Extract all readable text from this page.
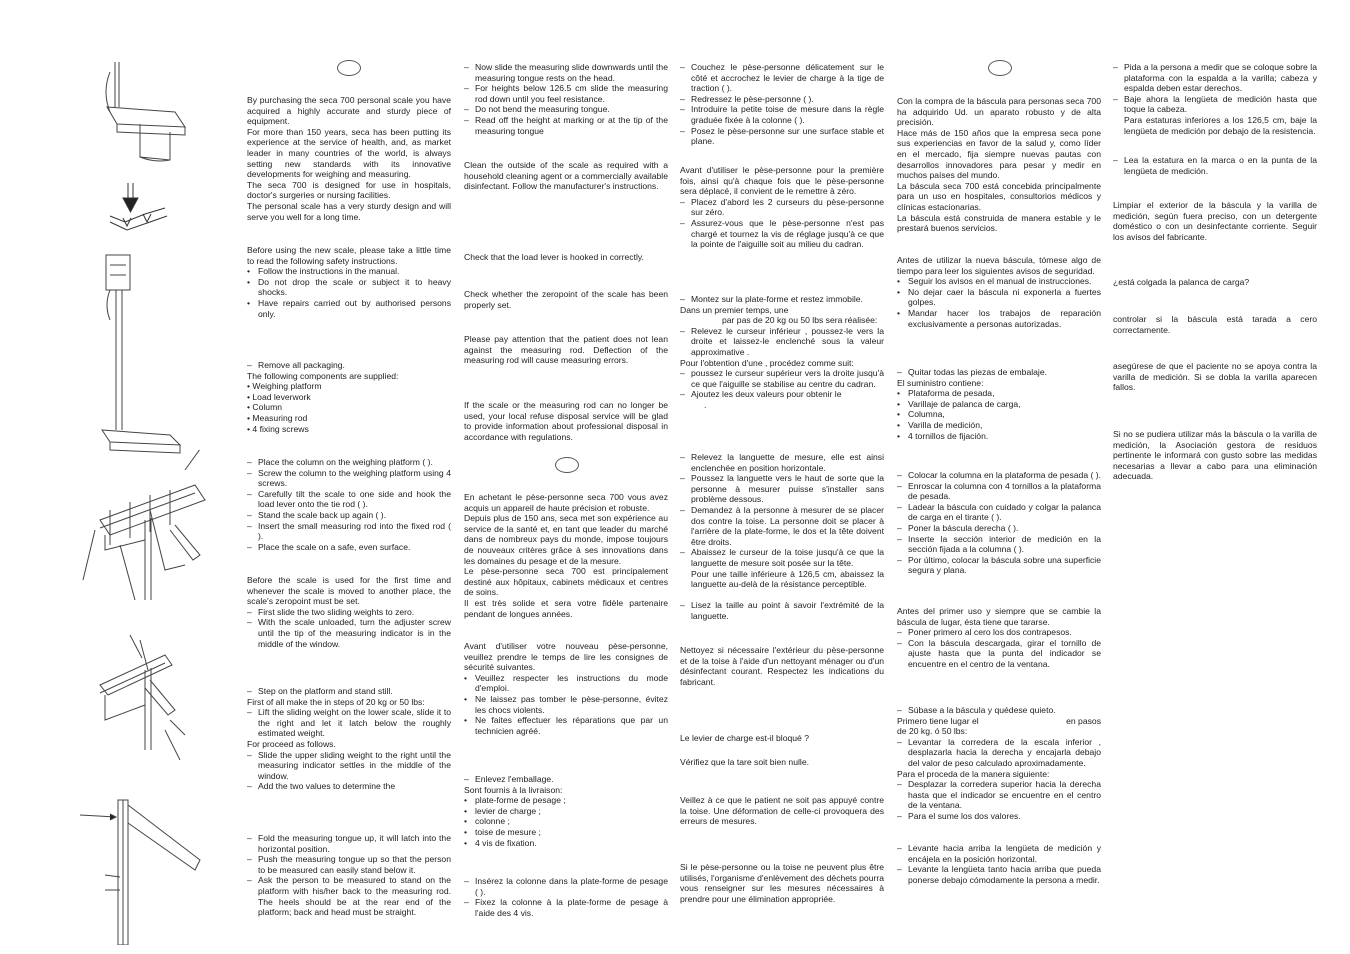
By purchasing the seca 700 personal scale you have acquired a highly accurate and sturdy piece of equipment.

For more than 150 years, seca has been putting its experience at the service of health, and, as market leader in many countries of the world, is always setting new standards with its innovative developments for weighing and measuring.

The seca 700 is designed for use in hospitals, doctor's surgeries or nursing facilities.

The personal scale has a very sturdy design and will serve you well for a long time.

Before using the new scale, please take a little time to read the following safety instructions.

• Follow the instructions in the manual.
• Do not drop the scale or subject it to heavy shocks.
• Have repairs carried out by authorised persons only.
– Remove all packaging.

The following components are supplied:

• Weighing platform
• Load leverwork
• Column
• Measuring rod
• 4 fixing screws
– Place the column on the weighing platform ( ).
– Screw the column to the weighing platform using 4 screws.
– Carefully tilt the scale to one side and hook the load lever onto the tie rod ( ).
– Stand the scale back up again ( ).
– Insert the small measuring rod into the fixed rod ( ).
– Place the scale on a safe, even surface.

Before the scale is used for the first time and whenever the scale is moved to another place, the scale's zeropoint must be set.

– First slide the two sliding weights to zero.
– With the scale unloaded, turn the adjuster screw until the tip of the measuring indicator is in the middle of the window.
– Step on the platform and stand still.

First of all make the in steps of 20 kg or 50 lbs:

– Lift the sliding weight on the lower scale, slide it to the right and let it latch below the roughly estimated weight.

For proceed as follows.

– Slide the upper sliding weight to the right until the measuring indicator settles in the middle of the window.
– Add the two values to determine the
– Fold the measuring tongue up, it will latch into the horizontal position.
– Push the measuring tongue up so that the person to be measured can easily stand below it.
– Ask the person to be measured to stand on the platform with his/her back to the measuring rod. The heels should be at the rear end of the platform; back and head must be straight.
– Now slide the measuring slide downwards until the measuring tongue rests on the head.
– For heights below 126.5 cm slide the measuring rod down until you feel resistance.
– Do not bend the measuring tongue.
– Read off the height at marking or at the tip of the measuring tongue

Clean the outside of the scale as required with a household cleaning agent or a commercially available disinfectant. Follow the manufacturer's instructions.

Check that the load lever is hooked in correctly.

Check whether the zeropoint of the scale has been properly set.

Please pay attention that the patient does not lean against the measuring rod. Deflection of the measuring rod will cause measuring errors.

If the scale or the measuring rod can no longer be used, your local refuse disposal service will be glad to provide information about professional disposal in accordance with regulations.

En achetant le pèse-personne seca 700 vous avez acquis un appareil de haute précision et robuste.

Depuis plus de 150 ans, seca met son expérience au service de la santé et, en tant que leader du marché dans de nombreux pays du monde, impose toujours de nouveaux critères grâce à ses innovations dans les domaines du pesage et de la mesure.

Le pèse-personne seca 700 est principalement destiné aux hôpitaux, cabinets médicaux et centres de soins.

Il est très solide et sera votre fidèle partenaire pendant de longues années.

Avant d'utiliser votre nouveau pèse-personne, veuillez prendre le temps de lire les consignes de sécurité suivantes.

• Veuillez respecter les instructions du mode d'emploi.
• Ne laissez pas tomber le pèse-personne, évitez les chocs violents.
• Ne faites effectuer les réparations que par un technicien agréé.
– Enlevez l'emballage.

Sont fournis à la livraison:

• plate-forme de pesage ;
• levier de charge ;
• colonne ;
• toise de mesure ;
• 4 vis de fixation.
– Insérez la colonne dans la plate-forme de pesage ( ).
– Fixez la colonne à la plate-forme de pesage à l'aide des 4 vis.
– Couchez le pèse-personne délicatement sur le côté et accrochez le levier de charge à la tige de traction ( ).
– Redressez le pèse-personne ( ).
– Introduire la petite toise de mesure dans la règle graduée fixée à la colonne ( ).
– Posez le pèse-personne sur une surface stable et plane.

Avant d'utiliser le pèse-personne pour la première fois, ainsi qu'à chaque fois que le pèse-personne sera déplacé, il convient de le remettre à zéro.

– Placez d'abord les 2 curseurs du pèse-personne sur zéro.
– Assurez-vous que le pèse-personne n'est pas chargé et tournez la vis de réglage jusqu'à ce que la pointe de l'aiguille soit au milieu du cadran.
– Montez sur la plate-forme et restez immobile.

Dans un premier temps, une

par pas de 20 kg ou 50 lbs sera réalisée:

– Relevez le curseur inférieur , poussez-le vers la droite et laissez-le enclenché sous la valeur approximative .

Pour l'obtention d'une , procédez comme suit:

– poussez le curseur supérieur vers la droite jusqu'à ce que l'aiguille se stabilise au centre du cadran.
– Ajoutez les deux valeurs pour obtenir le

.

– Relevez la languette de mesure, elle est ainsi enclenchée en position horizontale.
– Poussez la languette vers le haut de sorte que la personne à mesurer puisse s'installer sans problème dessous.
– Demandez à la personne à mesurer de se placer dos contre la toise. La personne doit se placer à l'arrière de la plate-forme, le dos et la tête doivent être droits.
– Abaissez le curseur de la toise jusqu'à ce que la languette de mesure soit posée sur la tête.
Pour une taille inférieure à 126,5 cm, abaissez la languette au-delà de la résistance perceptible.
– Lisez la taille au point à savoir l'extrémité de la languette.

Nettoyez si nécessaire l'extérieur du pèse-personne et de la toise à l'aide d'un nettoyant ménager ou d'un désinfectant courant. Respectez les indications du fabricant.

Le levier de charge est-il bloqué ?

Vérifiez que la tare soit bien nulle.

Veillez à ce que le patient ne soit pas appuyé contre la toise. Une déformation de celle-ci provoquera des erreurs de mesures.

Si le pèse-personne ou la toise ne peuvent plus être utilisés, l'organisme d'enlèvement des déchets pourra vous renseigner sur les mesures nécessaires à prendre pour une élimination appropriée.

Con la compra de la báscula para personas seca 700 ha adquirido Ud. un aparato robusto y de alta precisión.

Hace más de 150 años que la empresa seca pone sus experiencias en favor de la salud y, como líder en el mercado, fija siempre nuevas pautas con desarrollos innovadores para pesar y medir en muchos países del mundo.

La báscula seca 700 está concebida principalmente para un uso en hospitales, consultorios médicos y clínicas estacionarias.

La báscula está construida de manera estable y le prestará buenos servicios.

Antes de utilizar la nueva báscula, tómese algo de tiempo para leer los siguientes avisos de seguridad.

• Seguir los avisos en el manual de instrucciones.
• No dejar caer la báscula ni exponerla a fuertes golpes.
• Mandar hacer los trabajos de reparación exclusivamente a personas autorizadas.
– Quitar todas las piezas de embalaje.

El suministro contiene:

• Plataforma de pesada,
• Varillaje de palanca de carga,
• Columna,
• Varilla de medición,
• 4 tornillos de fijación.
– Colocar la columna en la plataforma de pesada ( ).
– Enroscar la columna con 4 tornillos a la plataforma de pesada.
– Ladear la báscula con cuidado y colgar la palanca de carga en el tirante ( ).
– Poner la báscula derecha ( ).
– Inserte la sección interior de medición en la sección fijada a la columna ( ).
– Por último, colocar la báscula sobre una superficie segura y plana.

Antes del primer uso y siempre que se cambie la báscula de lugar, ésta tiene que tararse.

– Poner primero al cero los dos contrapesos.
– Con la báscula descargada, girar el tornillo de ajuste hasta que la punta del indicador se encuentre en el centro de la ventana.
– Súbase a la báscula y quédese quieto.

Primero tiene lugar el	en pasos

de 20 kg. ó 50 lbs:

– Levantar la corredera de la escala inferior , desplazarla hacia la derecha y encajarla debajo del valor de peso calculado aproximadamente.

Para el proceda de la manera siguiente:

– Desplazar la corredera superior hacia la derecha hasta que el indicador se encuentre en el centro de la ventana.
– Para el sume los dos valores.
– Levante hacia arriba la lengüeta de medición y encájela en la posición horizontal.
– Levante la lengüeta tanto hacia arriba que pueda ponerse debajo cómodamente la persona a medir.
– Pida a la persona a medir que se coloque sobre la plataforma con la espalda a la varilla; cabeza y espalda deben estar derechos.
– Baje ahora la lengüeta de medición hasta que toque la cabeza.
Para estaturas inferiores a los 126,5 cm, baje la lengüeta de medición por debajo de la resistencia.
– Lea la estatura en la marca o en la punta de la lengüeta de medición.

Limpiar el exterior de la báscula y la varilla de medición, según fuera preciso, con un detergente doméstico o con un desinfectante corriente. Seguir los avisos del fabricante.

¿está colgada la palanca de carga?

controlar si la báscula está tarada a cero correctamente.

asegúrese de que el paciente no se apoya contra la varilla de medición. Si se dobla la varilla aparecen fallos.

Si no se pudiera utilizar más la báscula o la varilla de medición, la Asociación gestora de residuos pertinente le informará con gusto sobre las medidas necesarias a llevar a cabo para una eliminación adecuada.
